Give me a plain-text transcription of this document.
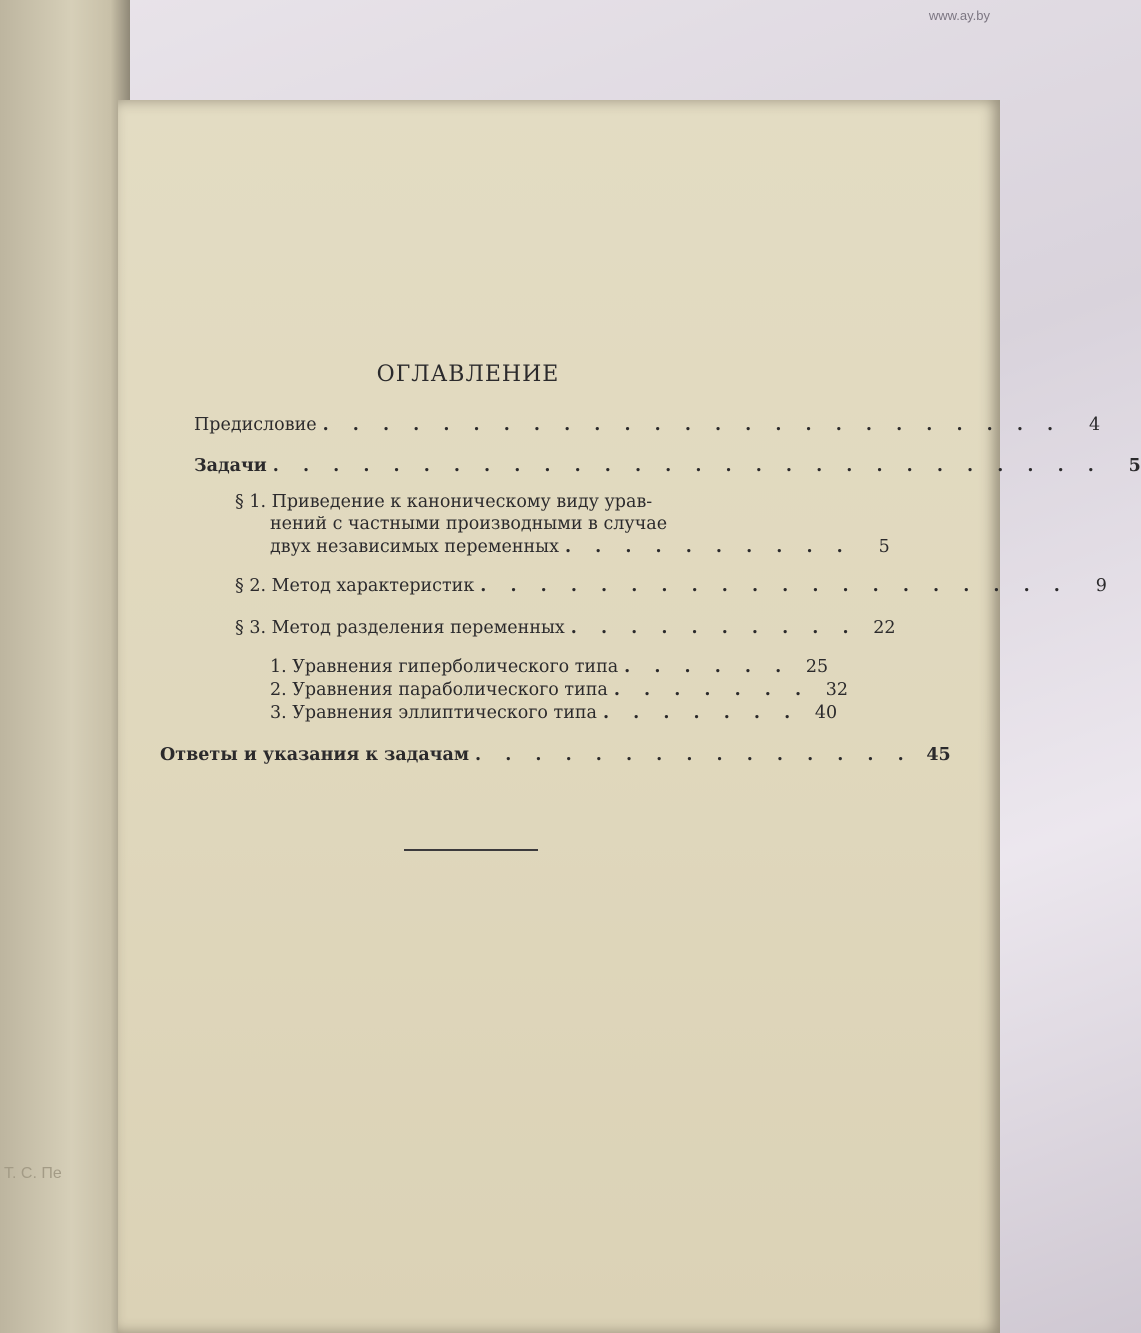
www.ay.by
Т. С. Пе
ОГЛАВЛЕНИЕ
Предисловие . . . . . . . . . . . . . . . . . . . . . . . . .	4
Задачи . . . . . . . . . . . . . . . . . . . . . . . . . . . .	5
§ 1. Приведение к каноническому виду урав-
нений с частными производными в случае
двух независимых переменных . . . . . . . . . .	5
§ 2. Метод характеристик . . . . . . . . . . . . . . . . . . . .	9
§ 3. Метод разделения переменных . . . . . . . . . . 22
1. Уравнения гиперболического типа . . . . . . 25
2. Уравнения параболического типа . . . . . . . 32
3. Уравнения эллиптического типа . . . . . . . 40
Ответы и указания к задачам . . . . . . . . . . . . . . . 45
